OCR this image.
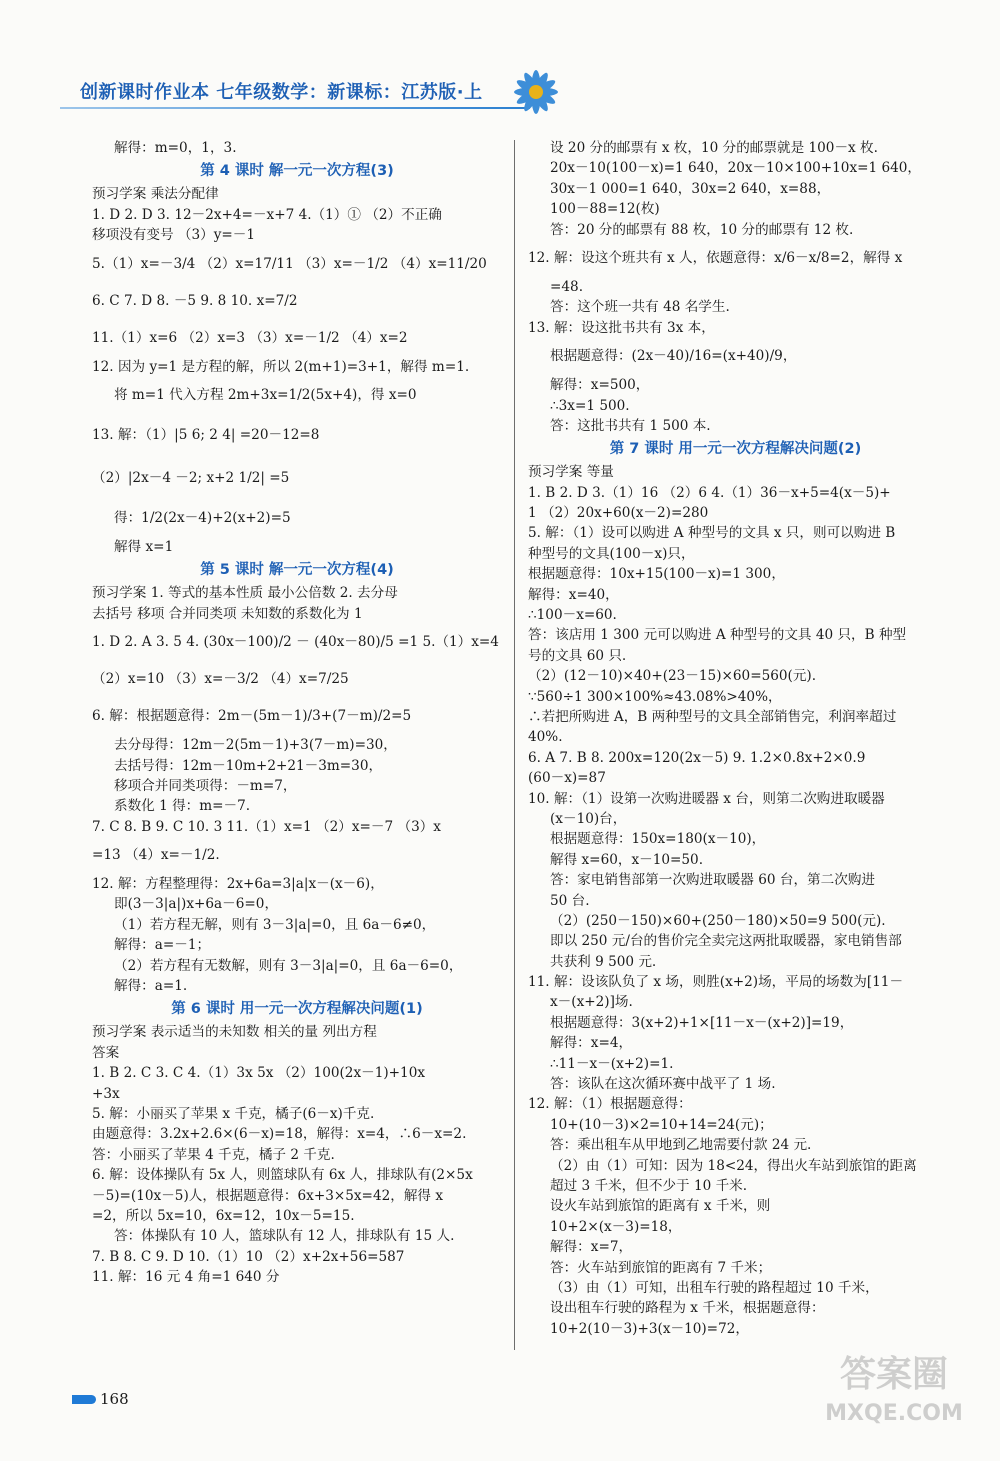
创新课时作业本 七年级数学：新课标：江苏版·上
解得：m=0，1，3.
第 4 课时 解一元一次方程(3)
预习学案 乘法分配律
1. D 2. D 3. 12－2x+4=－x+7 4.（1）① （2）不正确
移项没有变号 （3）y=－1
5.（1）x=－3/4 （2）x=17/11 （3）x=－1/2 （4）x=11/20
6. C 7. D 8. －5 9. 8 10. x=7/2
11.（1）x=6 （2）x=3 （3）x=－1/2 （4）x=2
12. 因为 y=1 是方程的解，所以 2(m+1)=3+1，解得 m=1.
将 m=1 代入方程 2m+3x=1/2(5x+4)，得 x=0
13. 解：（1）|5 6; 2 4| =20－12=8
（2）|2x－4 －2; x+2 1/2| =5
得：1/2(2x－4)+2(x+2)=5
解得 x=1
第 5 课时 解一元一次方程(4)
预习学案 1. 等式的基本性质 最小公倍数 2. 去分母
去括号 移项 合并同类项 未知数的系数化为 1
1. D 2. A 3. 5 4. (30x－100)/2 － (40x－80)/5 =1 5.（1）x=4
（2）x=10 （3）x=－3/2 （4）x=7/25
6. 解：根据题意得：2m－(5m－1)/3+(7－m)/2=5
去分母得：12m－2(5m－1)+3(7－m)=30，
去括号得：12m－10m+2+21－3m=30，
移项合并同类项得：－m=7，
系数化 1 得：m=－7.
7. C 8. B 9. C 10. 3 11.（1）x=1 （2）x=－7 （3）x
=13 （4）x=－1/2.
12. 解：方程整理得：2x+6a=3|a|x－(x－6)，
即(3－3|a|)x+6a－6=0，
（1）若方程无解，则有 3－3|a|=0，且 6a－6≠0，
解得：a=－1；
（2）若方程有无数解，则有 3－3|a|=0，且 6a－6=0，
解得：a=1.
第 6 课时 用一元一次方程解决问题(1)
预习学案 表示适当的未知数 相关的量 列出方程
答案
1. B 2. C 3. C 4.（1）3x 5x （2）100(2x－1)+10x
+3x
5. 解：小丽买了苹果 x 千克，橘子(6－x)千克.
由题意得：3.2x+2.6×(6－x)=18，解得：x=4，∴6－x=2.
答：小丽买了苹果 4 千克，橘子 2 千克.
6. 解：设体操队有 5x 人，则篮球队有 6x 人，排球队有(2×5x
－5)=(10x－5)人，根据题意得：6x+3×5x=42，解得 x
=2，所以 5x=10，6x=12，10x－5=15.
答：体操队有 10 人，篮球队有 12 人，排球队有 15 人.
7. B 8. C 9. D 10.（1）10 （2）x+2x+56=587
11. 解：16 元 4 角=1 640 分
设 20 分的邮票有 x 枚，10 分的邮票就是 100－x 枚.
20x－10(100－x)=1 640，20x－10×100+10x=1 640，
30x－1 000=1 640，30x=2 640，x=88，
100－88=12(枚)
答：20 分的邮票有 88 枚，10 分的邮票有 12 枚.
12. 解：设这个班共有 x 人，依题意得：x/6－x/8=2，解得 x
=48.
答：这个班一共有 48 名学生.
13. 解：设这批书共有 3x 本，
根据题意得：(2x－40)/16=(x+40)/9，
解得：x=500，
∴3x=1 500.
答：这批书共有 1 500 本.
第 7 课时 用一元一次方程解决问题(2)
预习学案 等量
1. B 2. D 3.（1）16 （2）6 4.（1）36－x+5=4(x－5)+
1 （2）20x+60(x－2)=280
5. 解：（1）设可以购进 A 种型号的文具 x 只，则可以购进 B
种型号的文具(100－x)只，
根据题意得：10x+15(100－x)=1 300，
解得：x=40，
∴100－x=60.
答：该店用 1 300 元可以购进 A 种型号的文具 40 只，B 种型
号的文具 60 只.
（2）(12－10)×40+(23－15)×60=560(元).
∵560÷1 300×100%≈43.08%>40%，
∴若把所购进 A，B 两种型号的文具全部销售完，利润率超过
40%.
6. A 7. B 8. 200x=120(2x－5) 9. 1.2×0.8x+2×0.9
(60－x)=87
10. 解：（1）设第一次购进暖器 x 台，则第二次购进取暖器
(x－10)台，
根据题意得：150x=180(x－10)，
解得 x=60，x－10=50.
答：家电销售部第一次购进取暖器 60 台，第二次购进
50 台.
（2）(250－150)×60+(250－180)×50=9 500(元).
即以 250 元/台的售价完全卖完这两批取暖器，家电销售部
共获利 9 500 元.
11. 解：设该队负了 x 场，则胜(x+2)场，平局的场数为[11－
x－(x+2)]场.
根据题意得：3(x+2)+1×[11－x－(x+2)]=19，
解得：x=4，
∴11－x－(x+2)=1.
答：该队在这次循环赛中战平了 1 场.
12. 解：（1）根据题意得：
10+(10－3)×2=10+14=24(元)；
答：乘出租车从甲地到乙地需要付款 24 元.
（2）由（1）可知：因为 18<24，得出火车站到旅馆的距离
超过 3 千米，但不少于 10 千米.
设火车站到旅馆的距离有 x 千米，则
10+2×(x－3)=18，
解得：x=7，
答：火车站到旅馆的距离有 7 千米；
（3）由（1）可知，出租车行驶的路程超过 10 千米，
设出租车行驶的路程为 x 千米，根据题意得：
10+2(10－3)+3(x－10)=72，
168
答案圈
MXQE.COM
